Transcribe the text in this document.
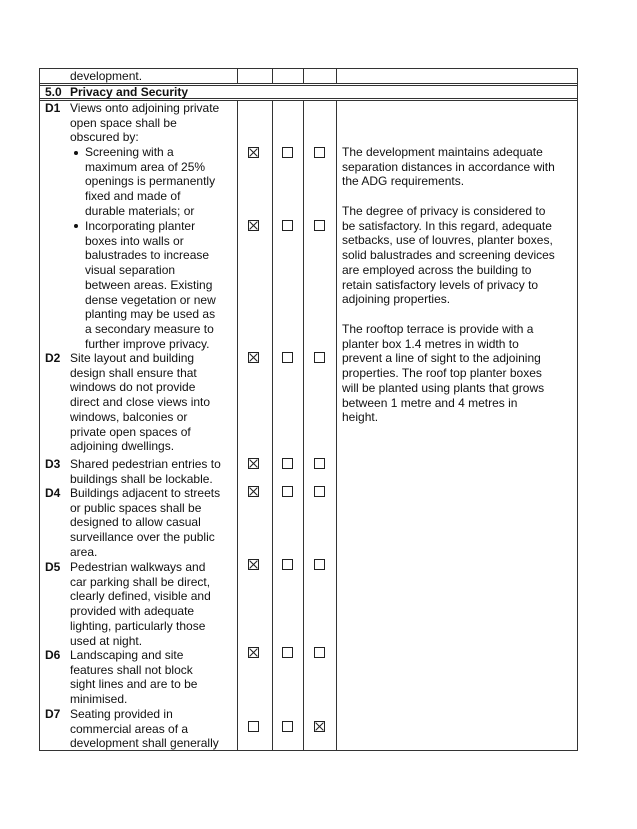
development.
5.0 Privacy and Security
D1 Views onto adjoining private
open space shall be
obscured by:
Screening with a
maximum area of 25%
openings is permanently
fixed and made of
durable materials; or
Incorporating planter
boxes into walls or
balustrades to increase
visual separation
between areas. Existing
dense vegetation or new
planting may be used as
a secondary measure to
further improve privacy.
D2 Site layout and building
design shall ensure that
windows do not provide
direct and close views into
windows, balconies or
private open spaces of
adjoining dwellings.
D3 Shared pedestrian entries to
buildings shall be lockable.
D4 Buildings adjacent to streets
or public spaces shall be
designed to allow casual
surveillance over the public
area.
D5 Pedestrian walkways and
car parking shall be direct,
clearly defined, visible and
provided with adequate
lighting, particularly those
used at night.
D6 Landscaping and site
features shall not block
sight lines and are to be
minimised.
D7 Seating provided in
commercial areas of a
development shall generally
The development maintains adequate
separation distances in accordance with
the ADG requirements.
The degree of privacy is considered to
be satisfactory. In this regard, adequate
setbacks, use of louvres, planter boxes,
solid balustrades and screening devices
are employed across the building to
retain satisfactory levels of privacy to
adjoining properties.
The rooftop terrace is provide with a
planter box 1.4 metres in width to
prevent a line of sight to the adjoining
properties. The roof top planter boxes
will be planted using plants that grows
between 1 metre and 4 metres in
height.
